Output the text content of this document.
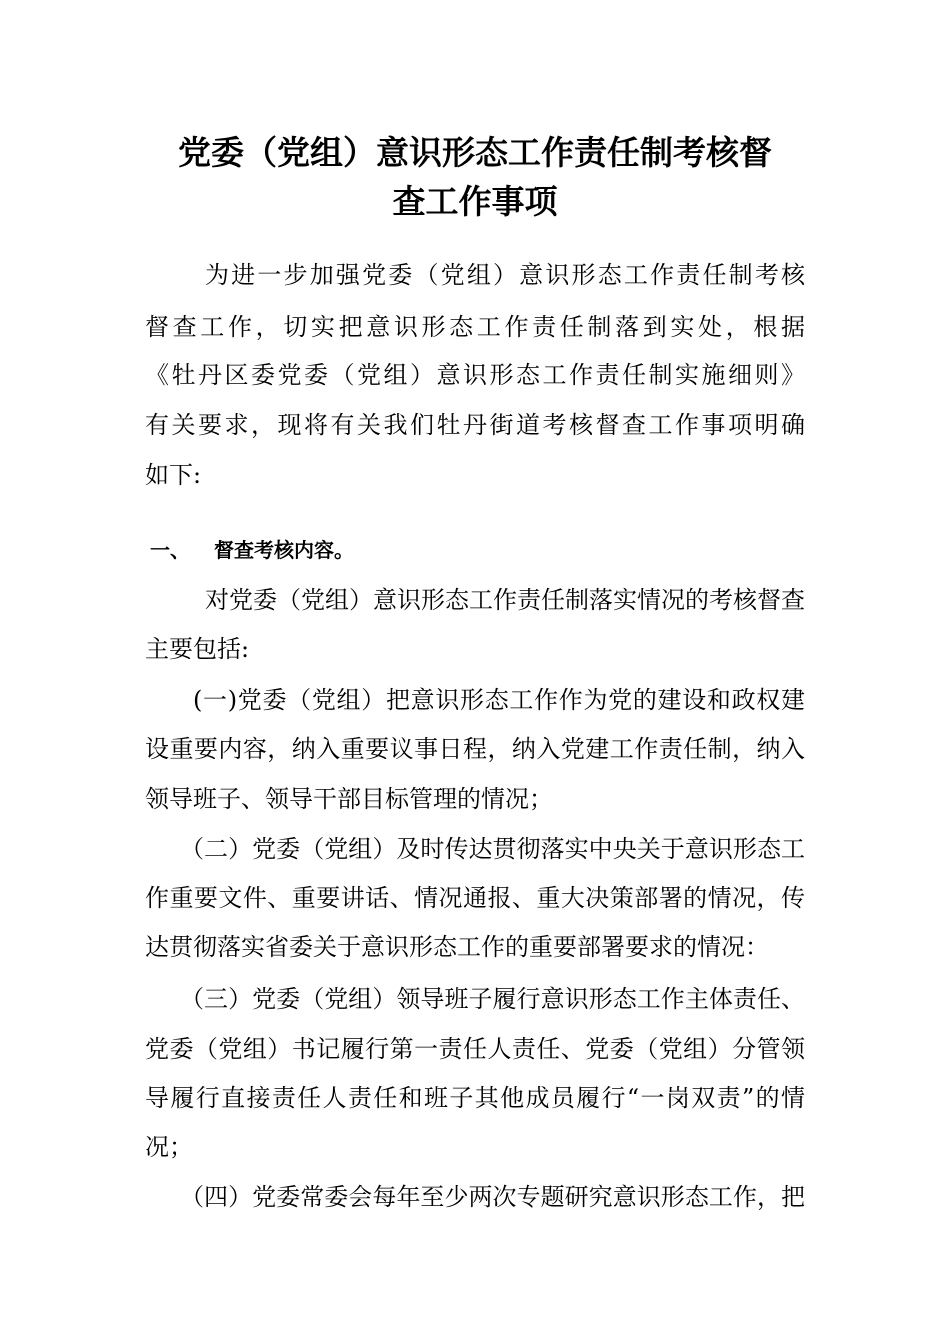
党委（党组）意识形态工作责任制考核督
查工作事项
为进一步加强党委（党组）意识形态工作责任制考核
督查工作，切实把意识形态工作责任制落到实处，根据
《牡丹区委党委（党组）意识形态工作责任制实施细则》
有关要求，现将有关我们牡丹街道考核督查工作事项明确
如下:
一、 督查考核内容。
对党委（党组）意识形态工作责任制落实情况的考核督查
主要包括:
(一)党委（党组）把意识形态工作作为党的建设和政权建
设重要内容，纳入重要议事日程，纳入党建工作责任制，纳入
领导班子、领导干部目标管理的情况；
（二）党委（党组）及时传达贯彻落实中央关于意识形态工
作重要文件、重要讲话、情况通报、重大决策部署的情况，传
达贯彻落实省委关于意识形态工作的重要部署要求的情况：
（三）党委（党组）领导班子履行意识形态工作主体责任、
党委（党组）书记履行第一责任人责任、党委（党组）分管领
导履行直接责任人责任和班子其他成员履行“一岗双责”的情
况；
（四）党委常委会每年至少两次专题研究意识形态工作，把
